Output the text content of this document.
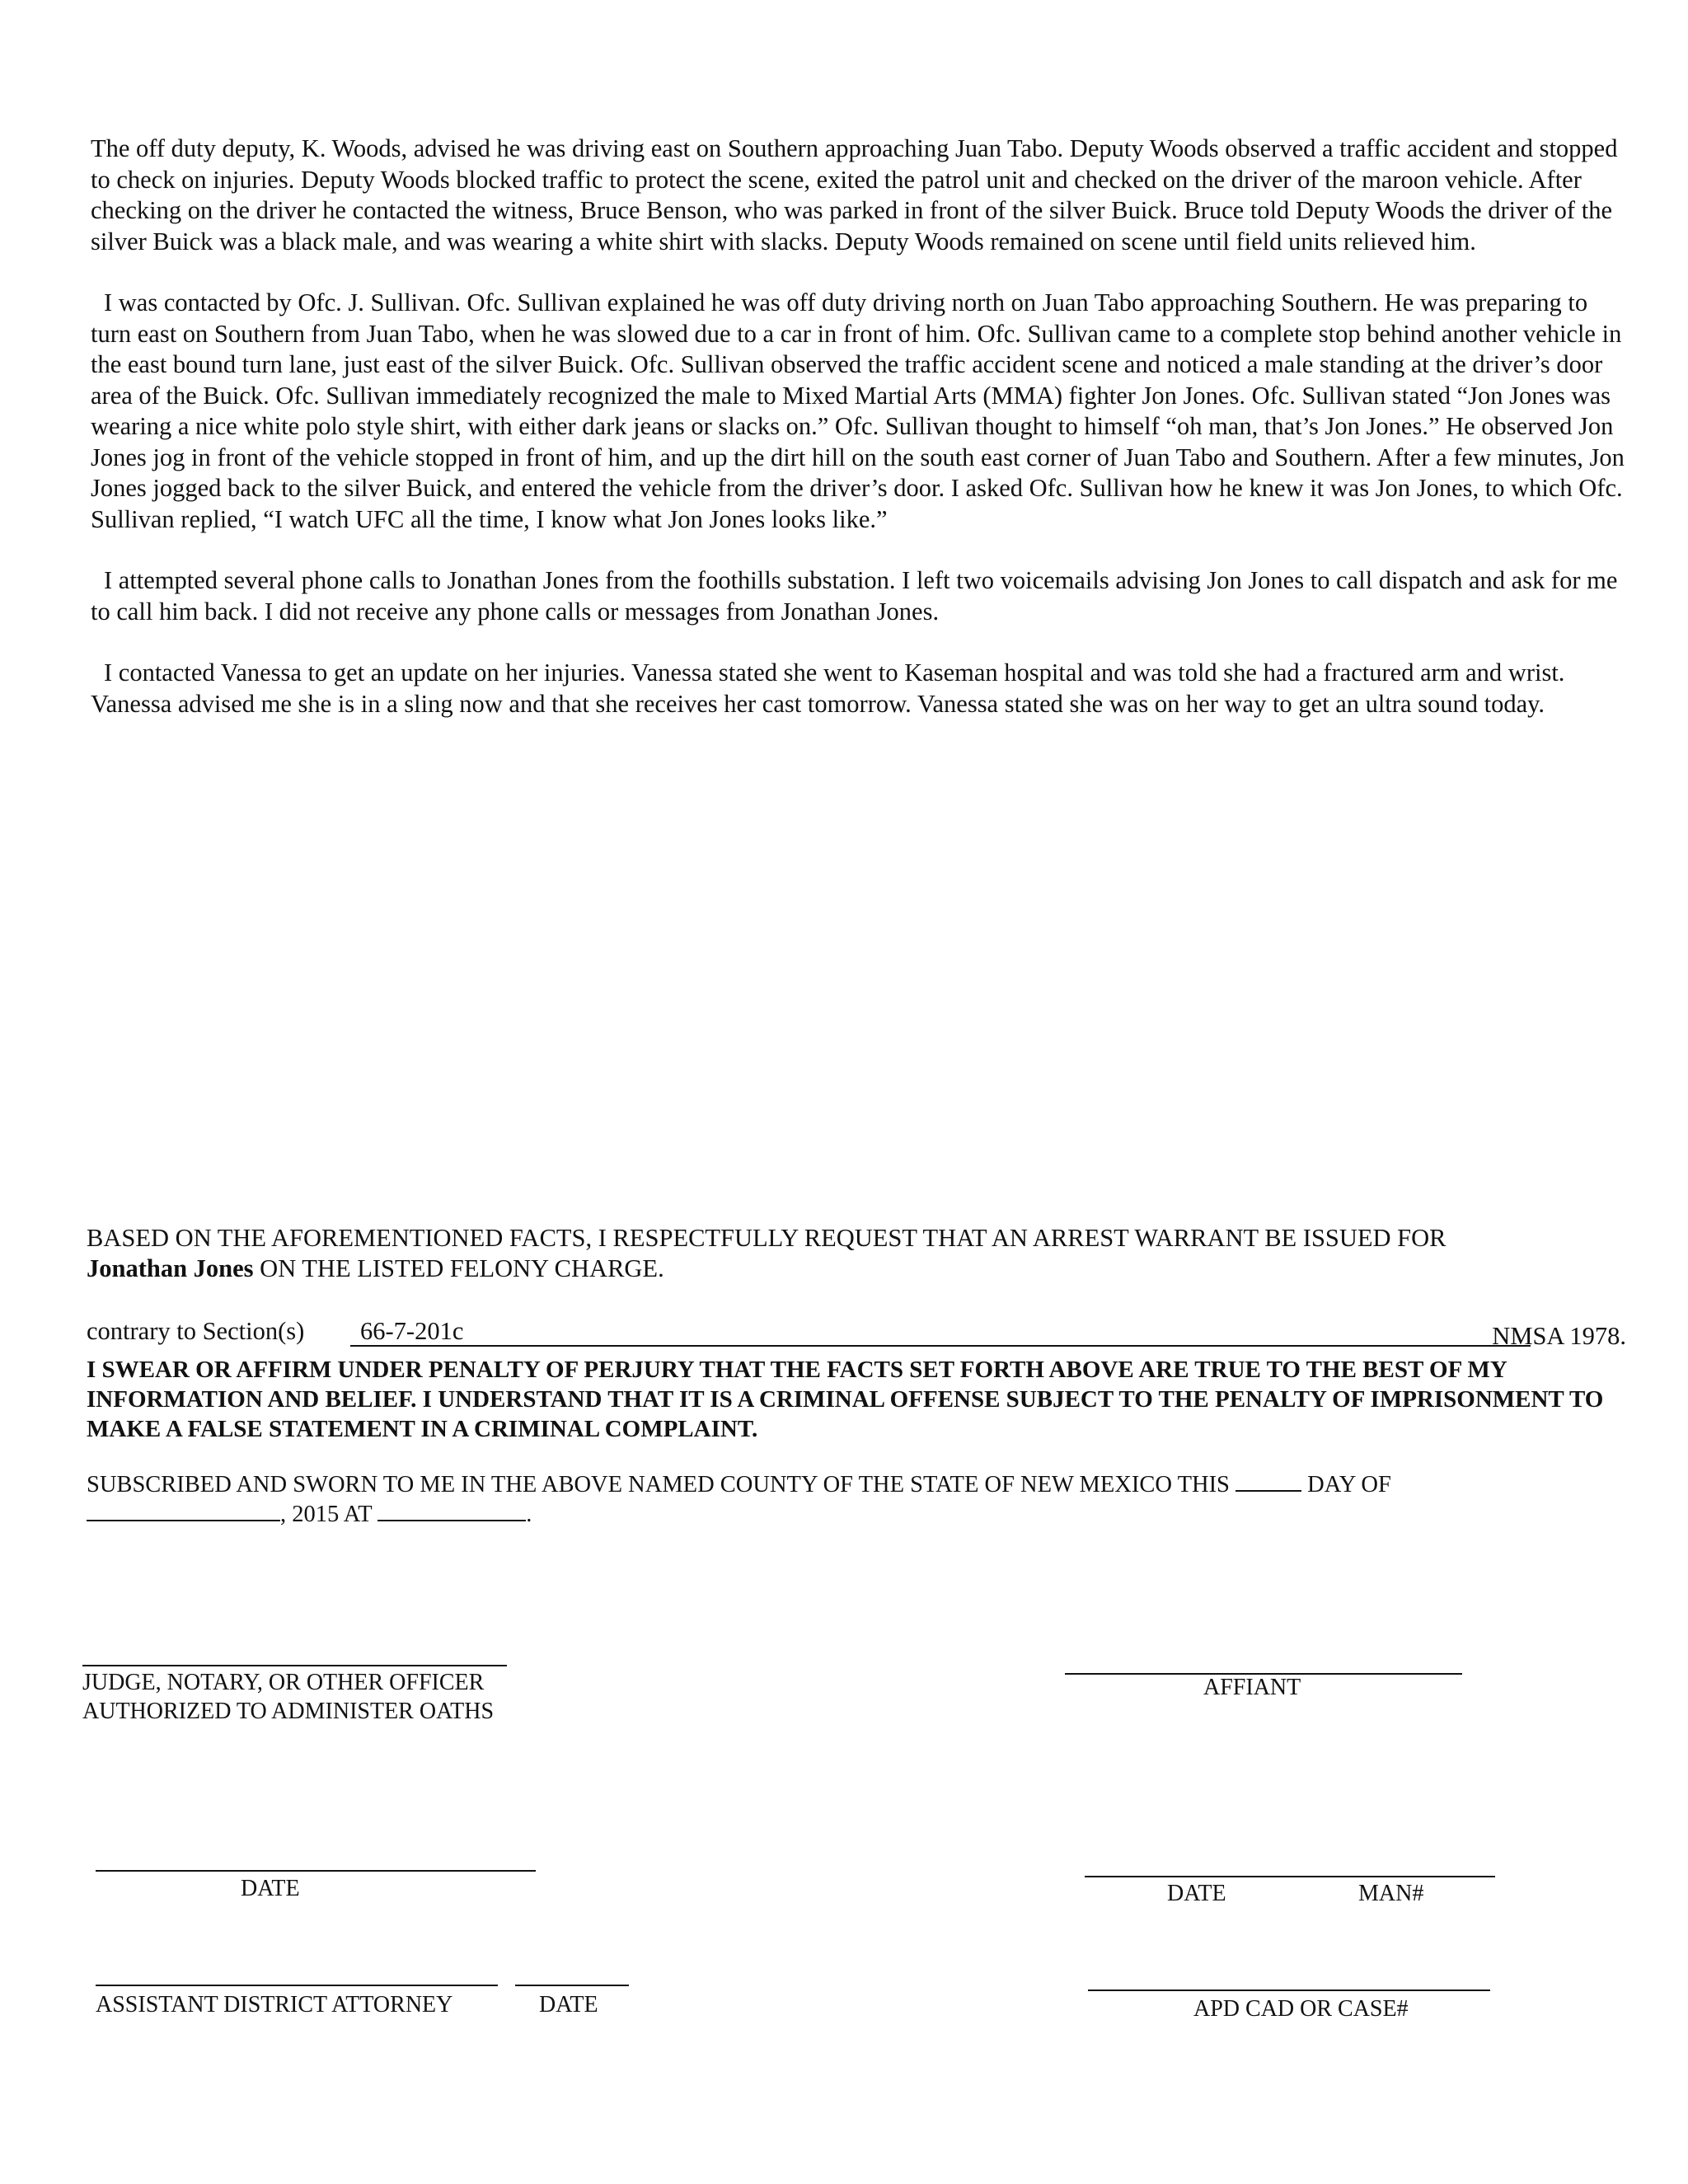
The off duty deputy, K. Woods, advised he was driving east on Southern approaching Juan Tabo. Deputy Woods observed a traffic accident and stopped to check on injuries. Deputy Woods blocked traffic to protect the scene, exited the patrol unit and checked on the driver of the maroon vehicle. After checking on the driver he contacted the witness, Bruce Benson, who was parked in front of the silver Buick. Bruce told Deputy Woods the driver of the silver Buick was a black male, and was wearing a white shirt with slacks. Deputy Woods remained on scene until field units relieved him.

I was contacted by Ofc. J. Sullivan. Ofc. Sullivan explained he was off duty driving north on Juan Tabo approaching Southern. He was preparing to turn east on Southern from Juan Tabo, when he was slowed due to a car in front of him. Ofc. Sullivan came to a complete stop behind another vehicle in the east bound turn lane, just east of the silver Buick. Ofc. Sullivan observed the traffic accident scene and noticed a male standing at the driver’s door area of the Buick. Ofc. Sullivan immediately recognized the male to Mixed Martial Arts (MMA) fighter Jon Jones. Ofc. Sullivan stated “Jon Jones was wearing a nice white polo style shirt, with either dark jeans or slacks on.” Ofc. Sullivan thought to himself “oh man, that’s Jon Jones.” He observed Jon Jones jog in front of the vehicle stopped in front of him, and up the dirt hill on the south east corner of Juan Tabo and Southern. After a few minutes, Jon Jones jogged back to the silver Buick, and entered the vehicle from the driver’s door. I asked Ofc. Sullivan how he knew it was Jon Jones, to which Ofc. Sullivan replied, “I watch UFC all the time, I know what Jon Jones looks like.”

I attempted several phone calls to Jonathan Jones from the foothills substation. I left two voicemails advising Jon Jones to call dispatch and ask for me to call him back. I did not receive any phone calls or messages from Jonathan Jones.

I contacted Vanessa to get an update on her injuries. Vanessa stated she went to Kaseman hospital and was told she had a fractured arm and wrist. Vanessa advised me she is in a sling now and that she receives her cast tomorrow. Vanessa stated she was on her way to get an ultra sound today.

BASED ON THE AFOREMENTIONED FACTS, I RESPECTFULLY REQUEST THAT AN ARREST WARRANT BE ISSUED FOR
Jonathan Jones ON THE LISTED FELONY CHARGE.
contrary to Section(s) 66-7-201c	NMSA 1978.
I SWEAR OR AFFIRM UNDER PENALTY OF PERJURY THAT THE FACTS SET FORTH ABOVE ARE TRUE TO THE BEST OF MY INFORMATION AND BELIEF. I UNDERSTAND THAT IT IS A CRIMINAL OFFENSE SUBJECT TO THE PENALTY OF IMPRISONMENT TO MAKE A FALSE STATEMENT IN A CRIMINAL COMPLAINT.
SUBSCRIBED AND SWORN TO ME IN THE ABOVE NAMED COUNTY OF THE STATE OF NEW MEXICO THIS	DAY OF
, 2015 AT	.
JUDGE, NOTARY, OR OTHER OFFICER
AUTHORIZED TO ADMINISTER OATHS
AFFIANT
DATE	DATE	MAN#
ASSISTANT DISTRICT ATTORNEY	DATE	APD CAD OR CASE#
